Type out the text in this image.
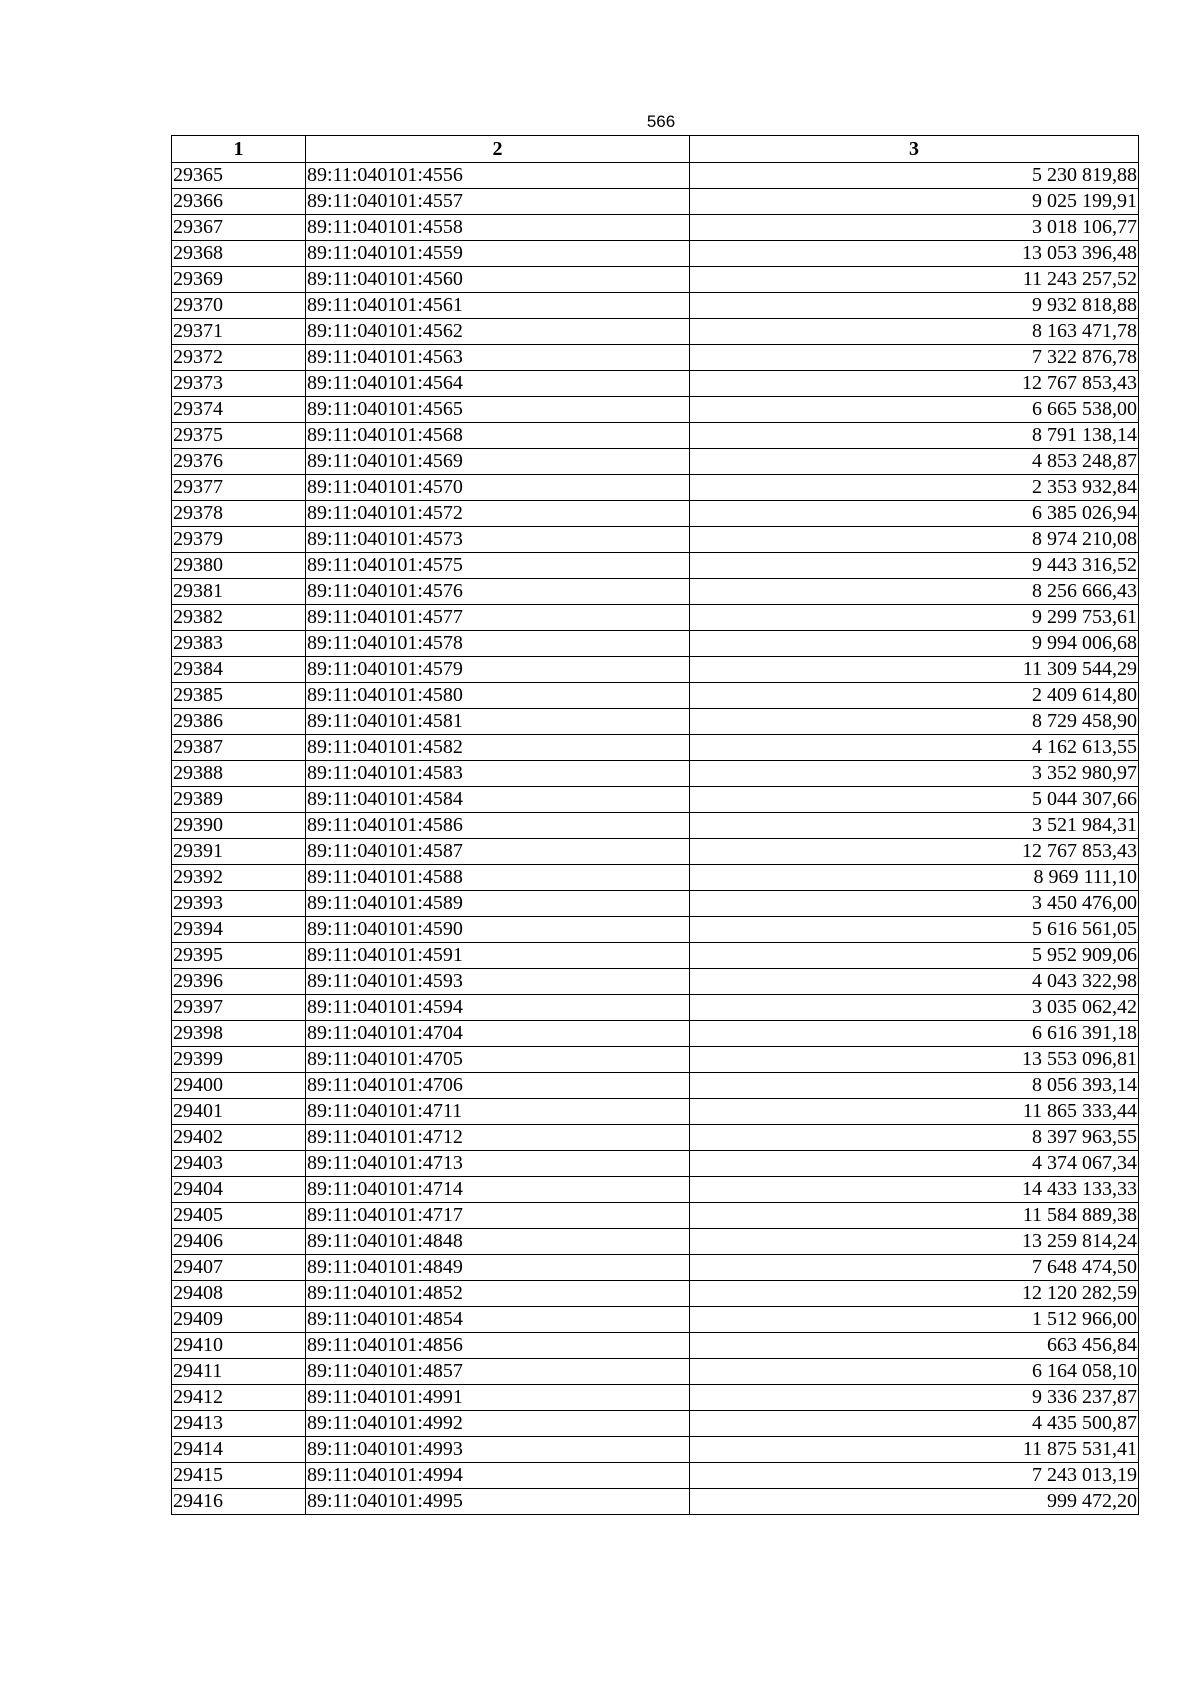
566
1	2	3
29365	89:11:040101:4556	5 230 819,88
29366	89:11:040101:4557	9 025 199,91
29367	89:11:040101:4558	3 018 106,77
29368	89:11:040101:4559	13 053 396,48
29369	89:11:040101:4560	11 243 257,52
29370	89:11:040101:4561	9 932 818,88
29371	89:11:040101:4562	8 163 471,78
29372	89:11:040101:4563	7 322 876,78
29373	89:11:040101:4564	12 767 853,43
29374	89:11:040101:4565	6 665 538,00
29375	89:11:040101:4568	8 791 138,14
29376	89:11:040101:4569	4 853 248,87
29377	89:11:040101:4570	2 353 932,84
29378	89:11:040101:4572	6 385 026,94
29379	89:11:040101:4573	8 974 210,08
29380	89:11:040101:4575	9 443 316,52
29381	89:11:040101:4576	8 256 666,43
29382	89:11:040101:4577	9 299 753,61
29383	89:11:040101:4578	9 994 006,68
29384	89:11:040101:4579	11 309 544,29
29385	89:11:040101:4580	2 409 614,80
29386	89:11:040101:4581	8 729 458,90
29387	89:11:040101:4582	4 162 613,55
29388	89:11:040101:4583	3 352 980,97
29389	89:11:040101:4584	5 044 307,66
29390	89:11:040101:4586	3 521 984,31
29391	89:11:040101:4587	12 767 853,43
29392	89:11:040101:4588	8 969 111,10
29393	89:11:040101:4589	3 450 476,00
29394	89:11:040101:4590	5 616 561,05
29395	89:11:040101:4591	5 952 909,06
29396	89:11:040101:4593	4 043 322,98
29397	89:11:040101:4594	3 035 062,42
29398	89:11:040101:4704	6 616 391,18
29399	89:11:040101:4705	13 553 096,81
29400	89:11:040101:4706	8 056 393,14
29401	89:11:040101:4711	11 865 333,44
29402	89:11:040101:4712	8 397 963,55
29403	89:11:040101:4713	4 374 067,34
29404	89:11:040101:4714	14 433 133,33
29405	89:11:040101:4717	11 584 889,38
29406	89:11:040101:4848	13 259 814,24
29407	89:11:040101:4849	7 648 474,50
29408	89:11:040101:4852	12 120 282,59
29409	89:11:040101:4854	1 512 966,00
29410	89:11:040101:4856	663 456,84
29411	89:11:040101:4857	6 164 058,10
29412	89:11:040101:4991	9 336 237,87
29413	89:11:040101:4992	4 435 500,87
29414	89:11:040101:4993	11 875 531,41
29415	89:11:040101:4994	7 243 013,19
29416	89:11:040101:4995	999 472,20
